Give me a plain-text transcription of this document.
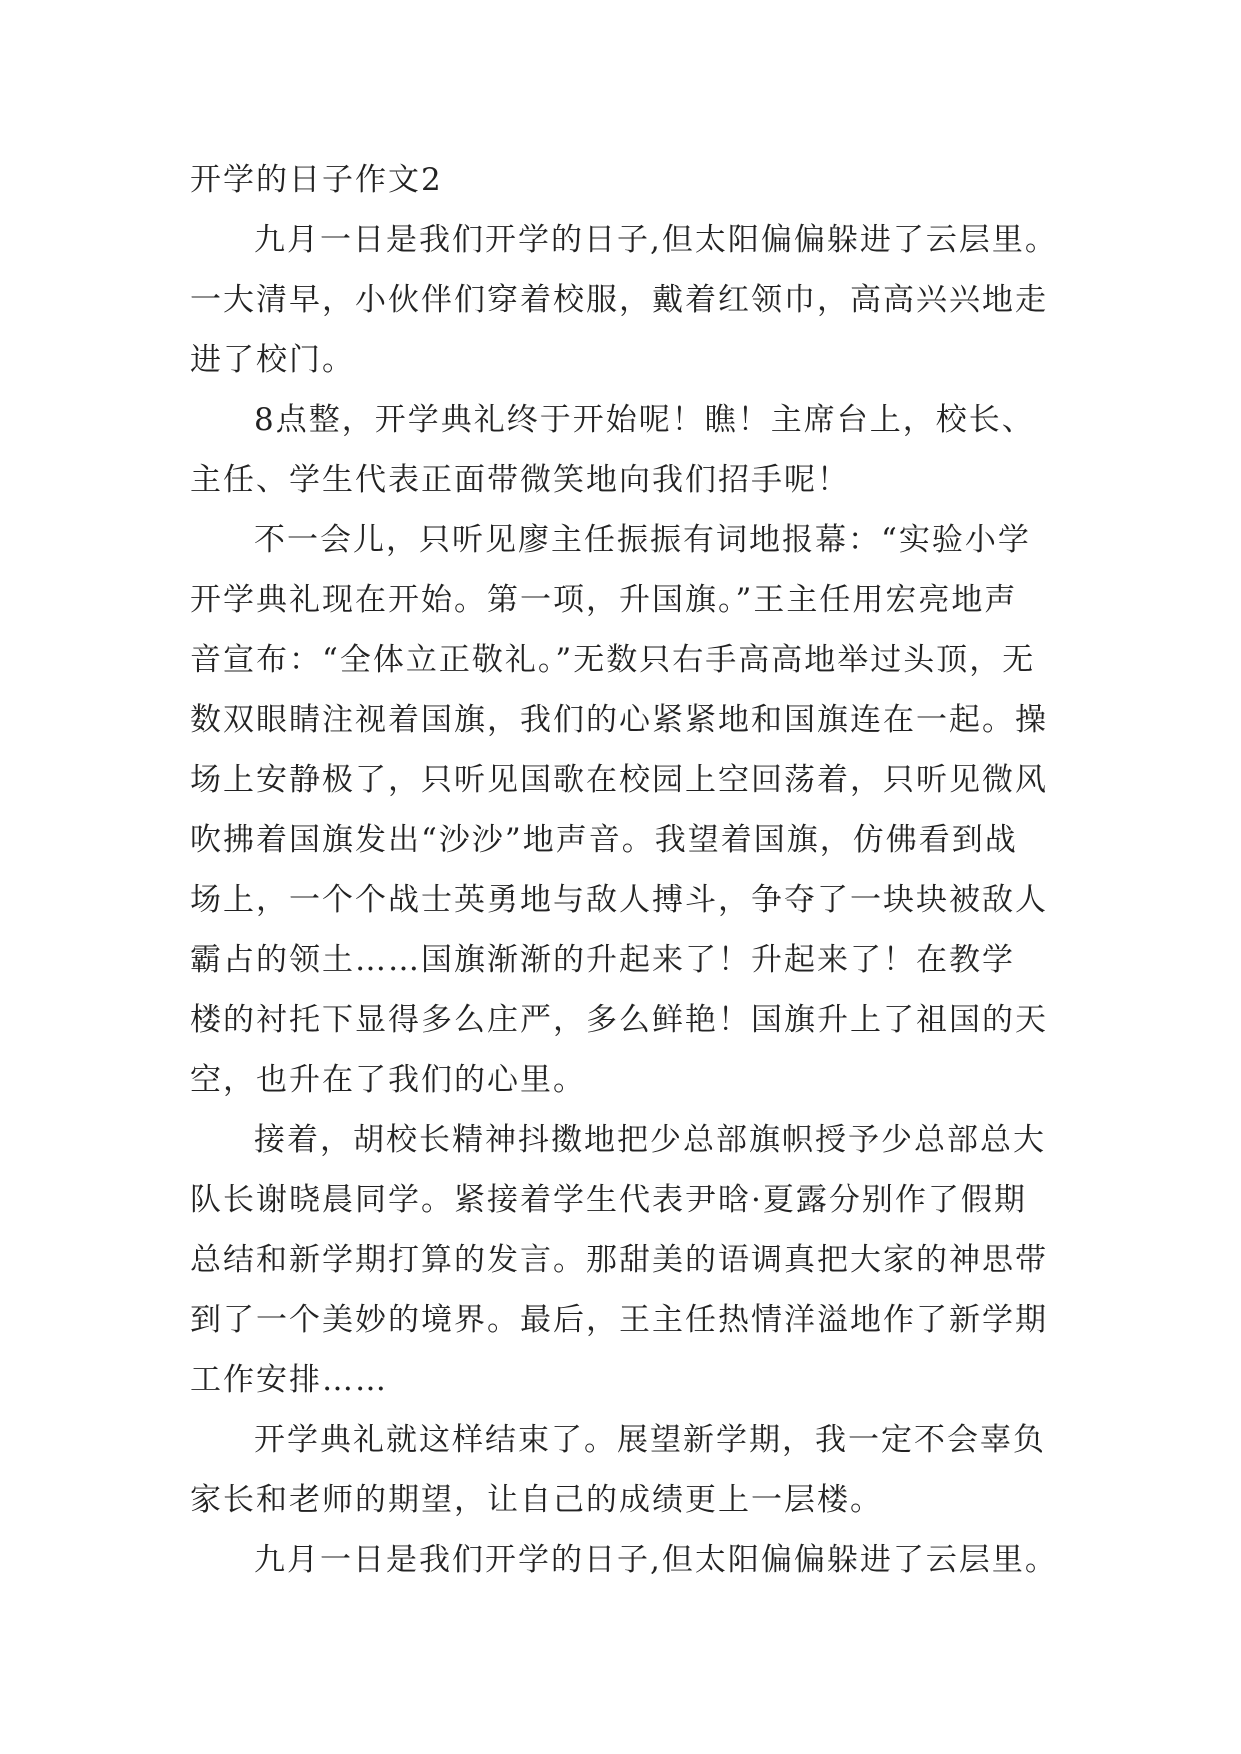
开学的日子作文2
九月一日是我们开学的日子,但太阳偏偏躲进了云层里。
一大清早，小伙伴们穿着校服，戴着红领巾，高高兴兴地走
进了校门。
8点整，开学典礼终于开始呢！瞧！主席台上，校长、
主任、学生代表正面带微笑地向我们招手呢！
不一会儿，只听见廖主任振振有词地报幕：“实验小学
开学典礼现在开始。第一项，升国旗。”王主任用宏亮地声
音宣布：“全体立正敬礼。”无数只右手高高地举过头顶，无
数双眼睛注视着国旗，我们的心紧紧地和国旗连在一起。操
场上安静极了，只听见国歌在校园上空回荡着，只听见微风
吹拂着国旗发出“沙沙”地声音。我望着国旗，仿佛看到战
场上，一个个战士英勇地与敌人搏斗，争夺了一块块被敌人
霸占的领土……国旗渐渐的升起来了！升起来了！在教学
楼的衬托下显得多么庄严，多么鲜艳！国旗升上了祖国的天
空，也升在了我们的心里。
接着，胡校长精神抖擞地把少总部旗帜授予少总部总大
队长谢晓晨同学。紧接着学生代表尹晗·夏露分别作了假期
总结和新学期打算的发言。那甜美的语调真把大家的神思带
到了一个美妙的境界。最后，王主任热情洋溢地作了新学期
工作安排……
开学典礼就这样结束了。展望新学期，我一定不会辜负
家长和老师的期望，让自己的成绩更上一层楼。
九月一日是我们开学的日子,但太阳偏偏躲进了云层里。
